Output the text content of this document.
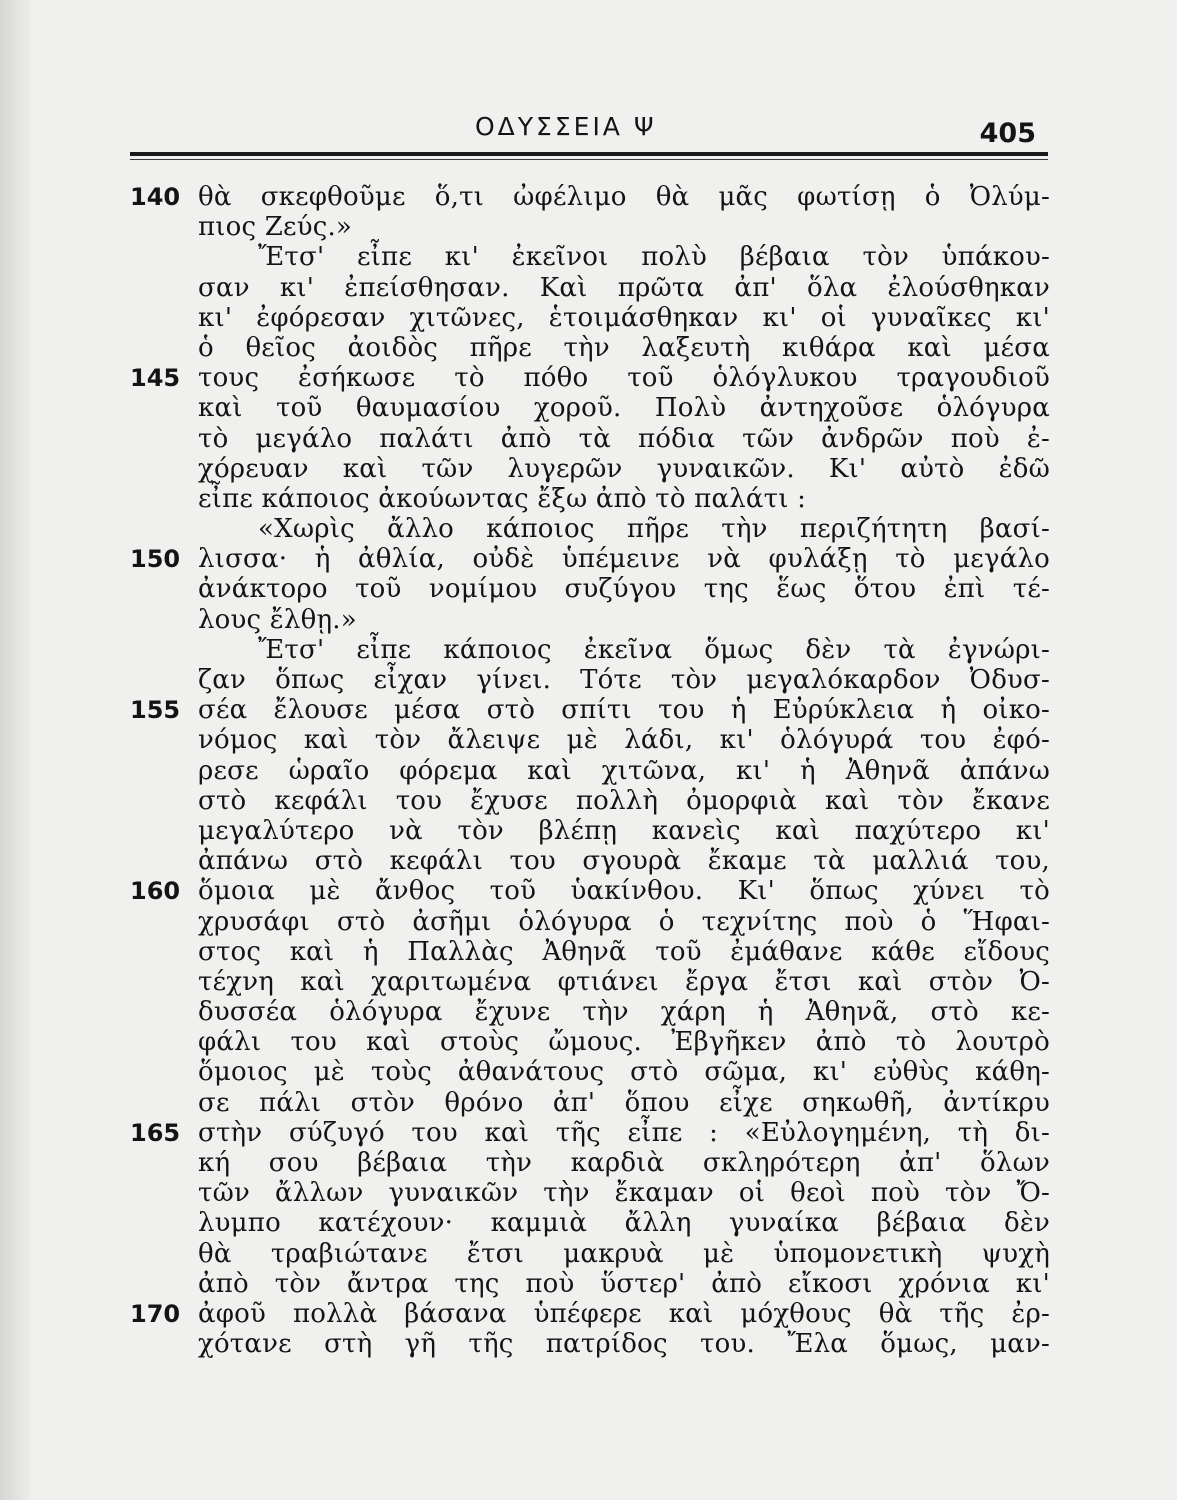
ΟΔΥΣΣΕΙΑ Ψ	405
140 θὰ σκεφθοῦμε ὅ,τι ὠφέλιμο θὰ μᾶς φωτίσῃ ὁ Ὀλύμ-
πιος Ζεύς.»
Ἔτσ' εἶπε κι' ἐκεῖνοι πολὺ βέβαια τὸν ὑπάκου-
σαν κι' ἐπείσθησαν. Καὶ πρῶτα ἀπ' ὅλα ἐλούσθηκαν
κι' ἐφόρεσαν χιτῶνες, ἑτοιμάσθηκαν κι' οἱ γυναῖκες κι'
ὁ θεῖος ἀοιδὸς πῆρε τὴν λαξευτὴ κιθάρα καὶ μέσα
145 τους ἐσήκωσε τὸ πόθο τοῦ ὁλόγλυκου τραγουδιοῦ
καὶ τοῦ θαυμασίου χοροῦ. Πολὺ ἀντηχοῦσε ὁλόγυρα
τὸ μεγάλο παλάτι ἀπὸ τὰ πόδια τῶν ἀνδρῶν ποὺ ἐ-
χόρευαν καὶ τῶν λυγερῶν γυναικῶν. Κι' αὐτὸ ἐδῶ
εἶπε κάποιος ἀκούωντας ἔξω ἀπὸ τὸ παλάτι :
«Χωρὶς ἄλλο κάποιος πῆρε τὴν περιζήτητη βασί-
150 λισσα· ἡ ἀθλία, οὐδὲ ὑπέμεινε νὰ φυλάξῃ τὸ μεγάλο
ἀνάκτορο τοῦ νομίμου συζύγου της ἕως ὅτου ἐπὶ τέ-
λους ἔλθῃ.»
Ἔτσ' εἶπε κάποιος ἐκεῖνα ὅμως δὲν τὰ ἐγνώρι-
ζαν ὅπως εἶχαν γίνει. Τότε τὸν μεγαλόκαρδον Ὀδυσ-
155 σέα ἔλουσε μέσα στὸ σπίτι του ἡ Εὐρύκλεια ἡ οἰκο-
νόμος καὶ τὸν ἄλειψε μὲ λάδι, κι' ὁλόγυρά του ἐφό-
ρεσε ὡραῖο φόρεμα καὶ χιτῶνα, κι' ἡ Ἀθηνᾶ ἀπάνω
στὸ κεφάλι του ἔχυσε πολλὴ ὀμορφιὰ καὶ τὸν ἔκανε
μεγαλύτερο νὰ τὸν βλέπῃ κανεὶς καὶ παχύτερο κι'
ἀπάνω στὸ κεφάλι του σγουρὰ ἔκαμε τὰ μαλλιά του,
160 ὅμοια μὲ ἄνθος τοῦ ὑακίνθου. Κι' ὅπως χύνει τὸ
χρυσάφι στὸ ἀσῆμι ὁλόγυρα ὁ τεχνίτης ποὺ ὁ Ἥφαι-
στος καὶ ἡ Παλλὰς Ἀθηνᾶ τοῦ ἐμάθανε κάθε εἴδους
τέχνη καὶ χαριτωμένα φτιάνει ἔργα ἔτσι καὶ στὸν Ὀ-
δυσσέα ὁλόγυρα ἔχυνε τὴν χάρη ἡ Ἀθηνᾶ, στὸ κε-
φάλι του καὶ στοὺς ὤμους. Ἐβγῆκεν ἀπὸ τὸ λουτρὸ
ὅμοιος μὲ τοὺς ἀθανάτους στὸ σῶμα, κι' εὐθὺς κάθη-
σε πάλι στὸν θρόνο ἀπ' ὅπου εἶχε σηκωθῆ, ἀντίκρυ
165 στὴν σύζυγό του καὶ τῆς εἶπε : «Εὐλογημένη, τὴ δι-
κή σου βέβαια τὴν καρδιὰ σκληρότερη ἀπ' ὅλων
τῶν ἄλλων γυναικῶν τὴν ἔκαμαν οἱ θεοὶ ποὺ τὸν Ὄ-
λυμπο κατέχουν· καμμιὰ ἄλλη γυναίκα βέβαια δὲν
θὰ τραβιώτανε ἔτσι μακρυὰ μὲ ὑπομονετικὴ ψυχὴ
ἀπὸ τὸν ἄντρα της ποὺ ὕστερ' ἀπὸ εἴκοσι χρόνια κι'
170 ἀφοῦ πολλὰ βάσανα ὑπέφερε καὶ μόχθους θὰ τῆς ἐρ-
χότανε στὴ γῆ τῆς πατρίδος του. Ἔλα ὅμως, μαν-
